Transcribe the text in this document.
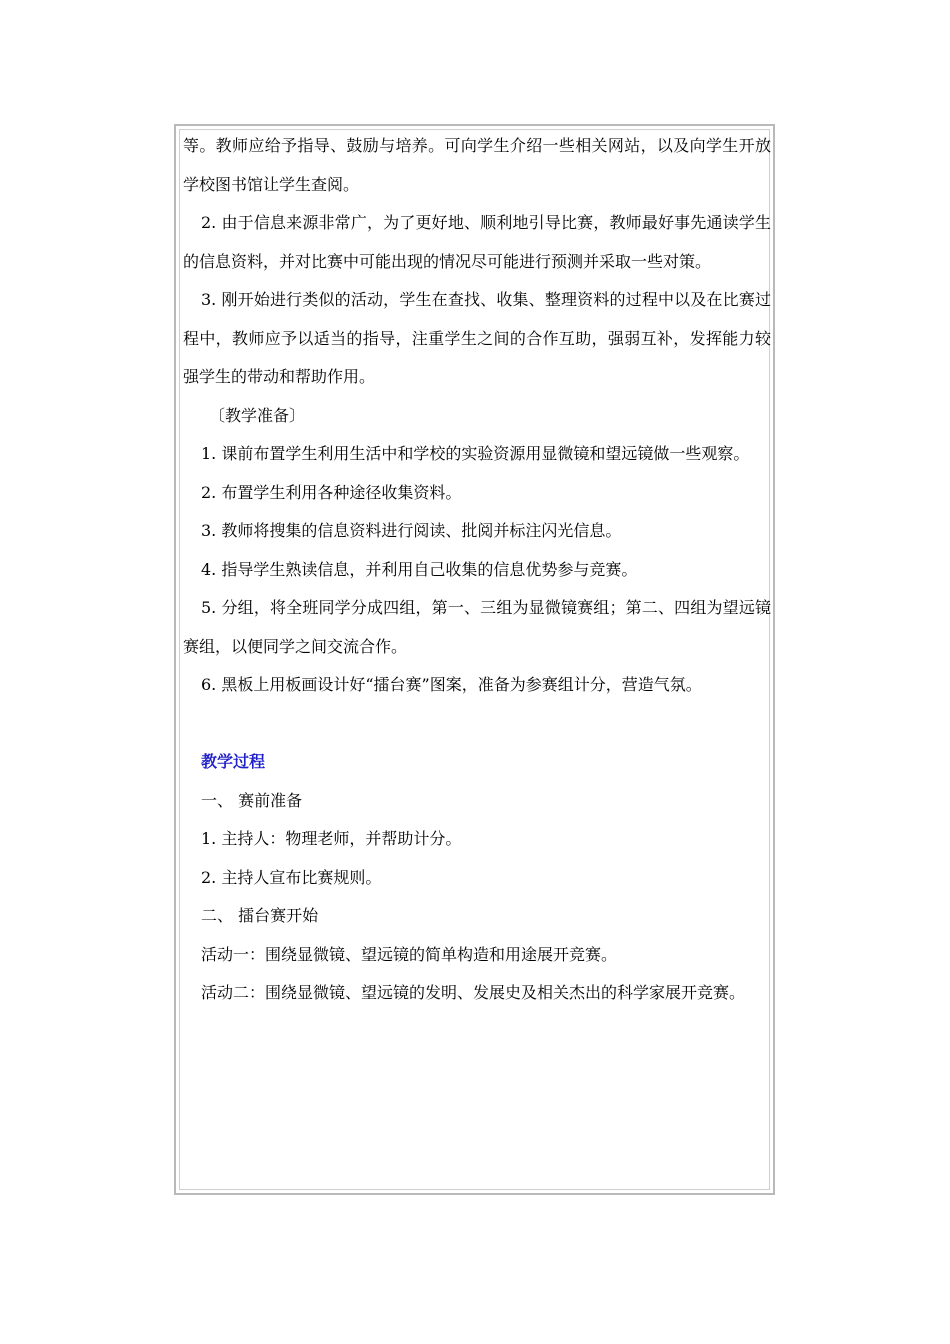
等。教师应给予指导、鼓励与培养。可向学生介绍一些相关网站，以及向学生开放学校图书馆让学生查阅。

2. 由于信息来源非常广，为了更好地、顺利地引导比赛，教师最好事先通读学生的信息资料，并对比赛中可能出现的情况尽可能进行预测并采取一些对策。

3. 刚开始进行类似的活动，学生在查找、收集、整理资料的过程中以及在比赛过程中，教师应予以适当的指导，注重学生之间的合作互助，强弱互补，发挥能力较强学生的带动和帮助作用。

〔教学准备〕

1. 课前布置学生利用生活中和学校的实验资源用显微镜和望远镜做一些观察。

2. 布置学生利用各种途径收集资料。

3. 教师将搜集的信息资料进行阅读、批阅并标注闪光信息。

4. 指导学生熟读信息，并利用自己收集的信息优势参与竞赛。

5. 分组，将全班同学分成四组，第一、三组为显微镜赛组；第二、四组为望远镜赛组，以便同学之间交流合作。

6. 黑板上用板画设计好“擂台赛”图案，准备为参赛组计分，营造气氛。

教学过程

一、 赛前准备

1. 主持人：物理老师，并帮助计分。

2. 主持人宣布比赛规则。

二、 擂台赛开始

活动一：围绕显微镜、望远镜的简单构造和用途展开竞赛。

活动二：围绕显微镜、望远镜的发明、发展史及相关杰出的科学家展开竞赛。
